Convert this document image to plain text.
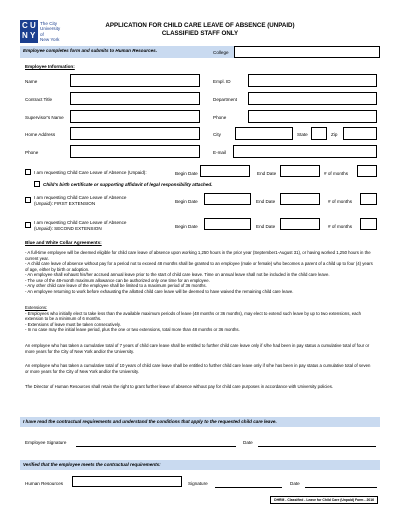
C U
N Y
The City
University
of
New York
APPLICATION FOR CHILD CARE LEAVE OF ABSENCE (UNPAID)
CLASSIFIED STAFF ONLY
Employee completes form and submits to Human Resources.	College
Employee Information:
Name	Empl. ID
Contract Title	Department
Supervisor's Name	Phone
Home Address	City	State	Zip
Phone	E-mail
I am requesting Child Care Leave of Absence (Unpaid):	Begin Date	End Date	# of months
Child's birth certificate or supporting affidavit of legal responsibility attached.
I am requesting Child Care Leave of Absence
(Unpaid): FIRST EXTENSION	Begin Date	End Date	# of months
I am requesting Child Care Leave of Absence
(Unpaid): SECOND EXTENSION	Begin Date	End Date	# of months
Blue and White Collar Agreements:
- A full-time employee will be deemed eligible for child care leave of absence upon working 1,250 hours in the prior year (September1-August 31), or having worked 1,250 hours in the current year.
- A child care leave of absence without pay for a period not to exceed 48 months shall be granted to an employee (male or female) who becomes a parent of a child up to four (4) years of age, either by birth or adoption.
- An employee shall exhaust his/her accrued annual leave prior to the start of child care leave. Time on annual leave shall not be included in the child care leave.
- The use of the 48-month maximum allowance can be authorized only one time for an employee.
- Any other child care leave of the employee shall be limited to a maximum period of 36 months.
- An employee returning to work before exhausting the allotted child care leave will be deemed to have waived the remaining child care leave.
Extensions:
- Employees who initially elect to take less than the available maximum periods of leave (48 months or 36 months), may elect to extend such leave by up to two extensions, each extension to be a minimum of 6 months.
- Extensions of leave must be taken consecutively.
- In no case may the initial leave period, plus the one or two extensions, total more than 48 months or 36 months.
An employee who has taken a cumulative total of 7 years of child care leave shall be entitled to further child care leave only if s/he had been in pay status a cumulative total of four or more years for the City of New York and/or the University.
An employee who has taken a cumulative total of 10 years of child care leave shall be entitled to further child care leave only if s/he has been in pay status a cumulative total of seven or more years for the City of New York and/or the University.
The Director of Human Resources shall retain the right to grant further leave of absence without pay for child care purposes in accordance with University policies.
I have read the contractual requirements and understand the conditions that apply to the requested child care leave.
Employee Signature	Date
Verified that the employee meets the contractual requirements:
Human Resources	Signature	Date
DHRM - Classified - Leave for Child Care (Unpaid) Form - 2016
